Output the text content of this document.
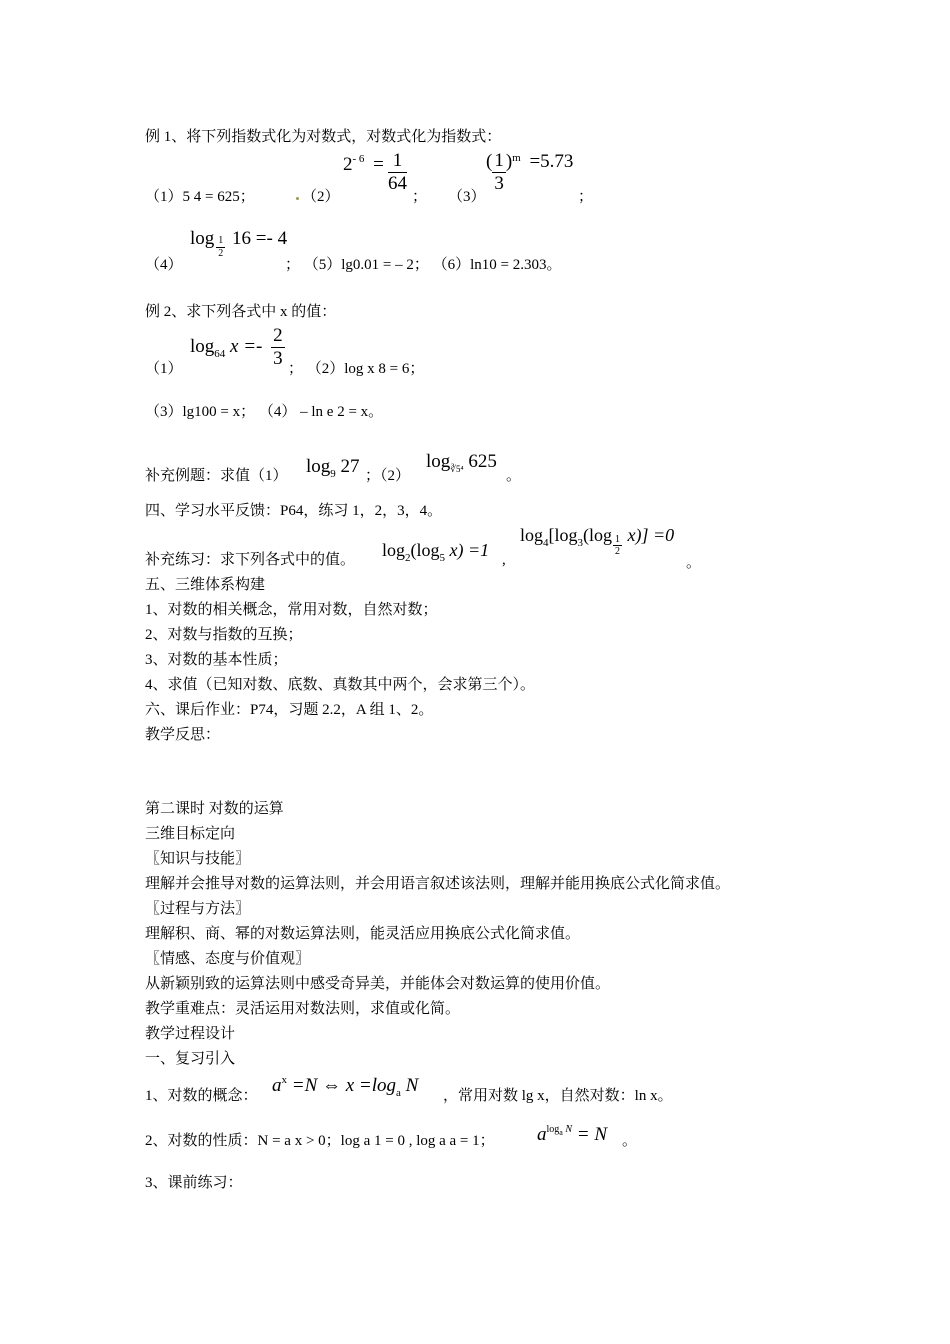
例 1、将下列指数式化为对数式，对数式化为指数式：
（1）5 4 = 625；	（2）
$2^{- 6} = \frac{1}{64}$
； （3）
( $\frac{1}{3} )^m =5.73$
；
$\log \frac{1}{2} 16 =- 4$
（4）	； （5）lg0.01 = – 2； （6）ln10 = 2.303。
例 2、求下列各式中 x 的值：
（1）
$\log_{64} x =- \frac{2}{3}$ ； （2）log x 8 = 6；
（3）lg100 = x； （4） – ln e 2 = x。
补充例题：求值（1） $\log_9 27$ ；（2）
$\log_{∛5^4} 625$
。
四、学习水平反馈：P64，练习 1，2，3，4。
补充练习：求下列各式中的值。 $\log_2(\log_5$ x) =1 ,
$\log_4[\log_3(\log \frac{1}{2} x)] =0$
。
五、三维体系构建
1、对数的相关概念，常用对数，自然对数；
2、对数与指数的互换；
3、对数的基本性质；
4、求值（已知对数、底数、真数其中两个，会求第三个）。
六、课后作业：P74，习题 2.2，A 组 1、2。
教学反思：
第二课时 对数的运算
三维目标定向
〖知识与技能〗
理解并会推导对数的运算法则，并会用语言叙述该法则，理解并能用换底公式化简求值。
〖过程与方法〗
理解积、商、幂的对数运算法则，能灵活应用换底公式化简求值。
〖情感、态度与价值观〗
从新颖别致的运算法则中感受奇异美，并能体会对数运算的使用价值。
教学重难点：灵活运用对数法则，求值或化简。
教学过程设计
一、复习引入
1、对数的概念： $a^x =N$ ⇔ $x =\log_a$ N ，常用对数 lg x，自然对数：ln x。
2、对数的性质：N = a x > 0；log a 1 = 0 , log a a = 1； $a^{log_a N} = N$ 。
3、课前练习：
